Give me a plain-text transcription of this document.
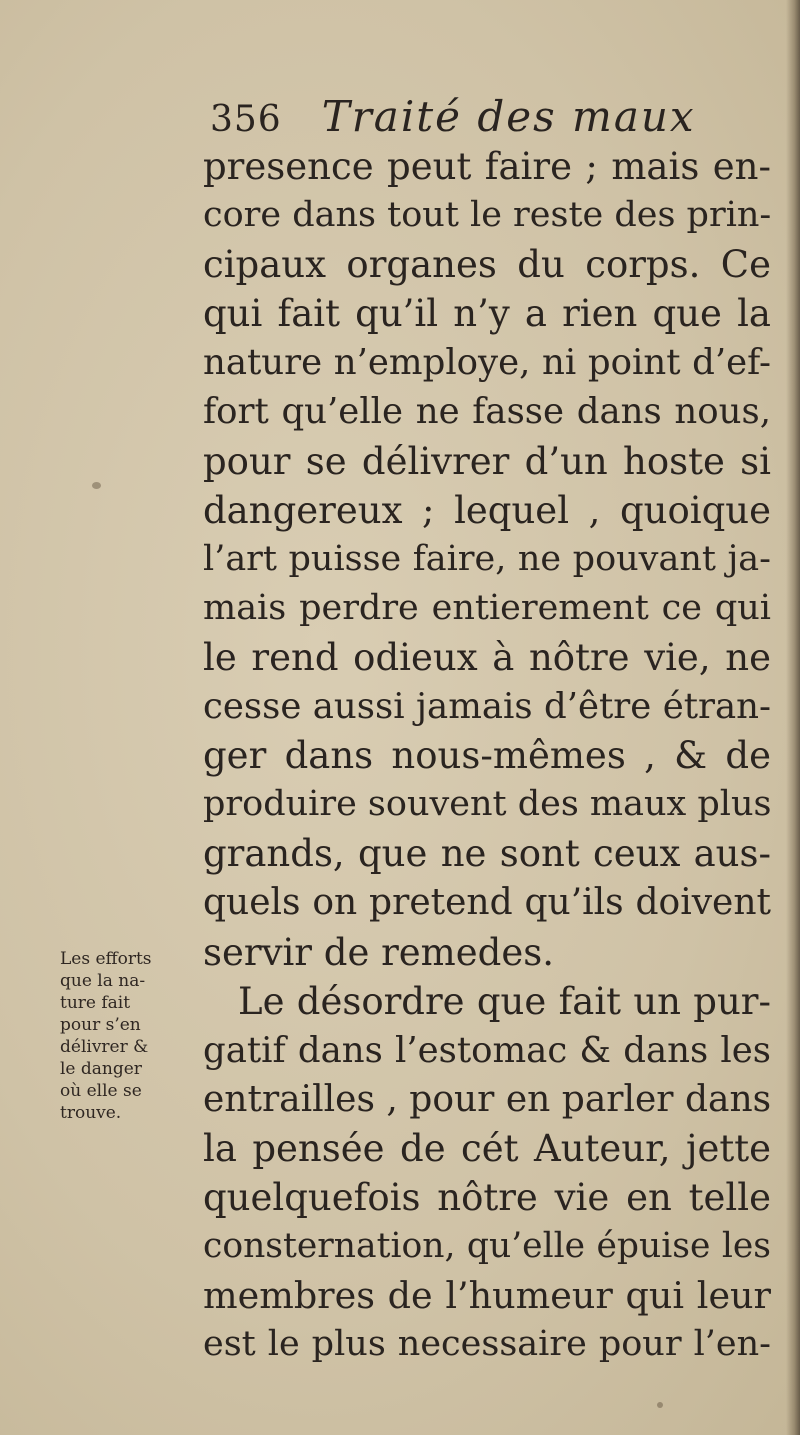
356 Traité des maux
presence peut faire ; mais en-
core dans tout le reste des prin-
cipaux organes du corps. Ce
qui fait qu’il n’y a rien que la
nature n’employe, ni point d’ef-
fort qu’elle ne fasse dans nous,
pour se délivrer d’un hoste si
dangereux ; lequel , quoique
l’art puisse faire, ne pouvant ja-
mais perdre entierement ce qui
le rend odieux à nôtre vie, ne
cesse aussi jamais d’être étran-
ger dans nous-mêmes , & de
produire souvent des maux plus
grands, que ne sont ceux aus-
quels on pretend qu’ils doivent
servir de remedes.
Le désordre que fait un pur-
gatif dans l’estomac & dans les
entrailles , pour en parler dans
la pensée de cét Auteur, jette
quelquefois nôtre vie en telle
consternation, qu’elle épuise les
membres de l’humeur qui leur
est le plus necessaire pour l’en-
Les efforts
que la na-
ture fait
pour s’en
délivrer &
le danger
où elle se
trouve.
